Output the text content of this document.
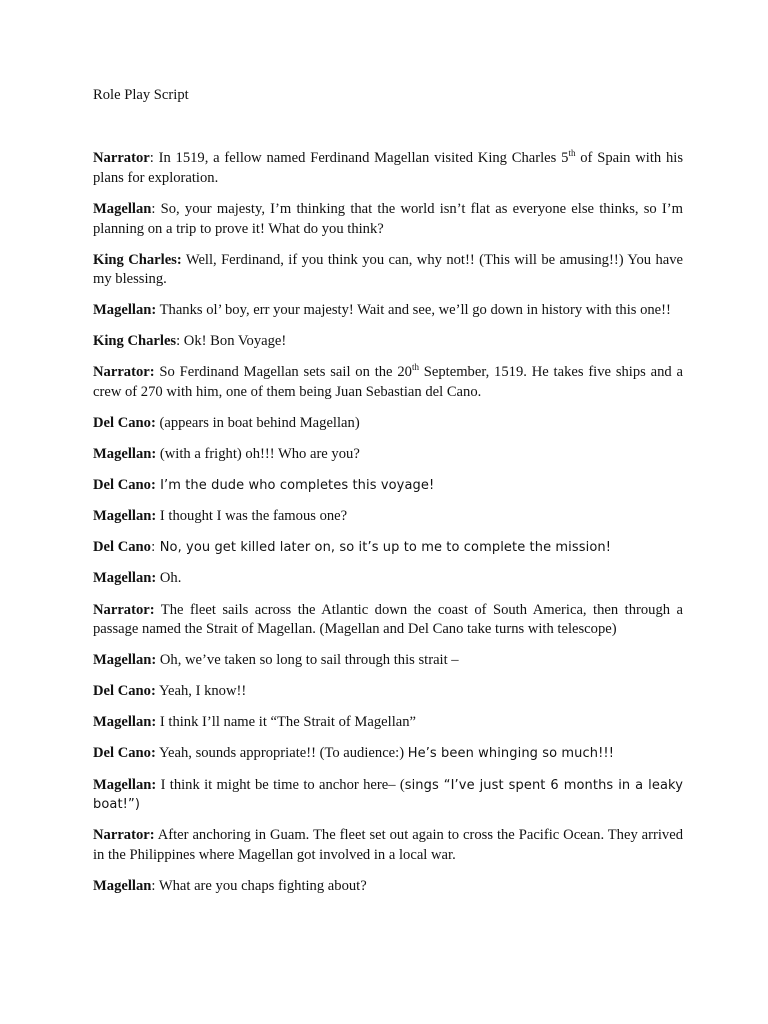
Role Play Script

Narrator: In 1519, a fellow named Ferdinand Magellan visited King Charles 5th of Spain with his plans for exploration.

Magellan: So, your majesty, I’m thinking that the world isn’t flat as everyone else thinks, so I’m planning on a trip to prove it! What do you think?

King Charles: Well, Ferdinand, if you think you can, why not!! (This will be amusing!!) You have my blessing.

Magellan: Thanks ol’ boy, err your majesty! Wait and see, we’ll go down in history with this one!!

King Charles: Ok! Bon Voyage!

Narrator: So Ferdinand Magellan sets sail on the 20th September, 1519. He takes five ships and a crew of 270 with him, one of them being Juan Sebastian del Cano.

Del Cano: (appears in boat behind Magellan)

Magellan: (with a fright) oh!!! Who are you?

Del Cano: I’m the dude who completes this voyage!

Magellan: I thought I was the famous one?

Del Cano: No, you get killed later on, so it’s up to me to complete the mission!

Magellan: Oh.

Narrator: The fleet sails across the Atlantic down the coast of South America, then through a passage named the Strait of Magellan. (Magellan and Del Cano take turns with telescope)

Magellan: Oh, we’ve taken so long to sail through this strait –

Del Cano: Yeah, I know!!

Magellan: I think I’ll name it “The Strait of Magellan”

Del Cano: Yeah, sounds appropriate!! (To audience:) He’s been whinging so much!!!

Magellan: I think it might be time to anchor here– (sings “I’ve just spent 6 months in a leaky boat!”)

Narrator: After anchoring in Guam. The fleet set out again to cross the Pacific Ocean. They arrived in the Philippines where Magellan got involved in a local war.

Magellan: What are you chaps fighting about?
